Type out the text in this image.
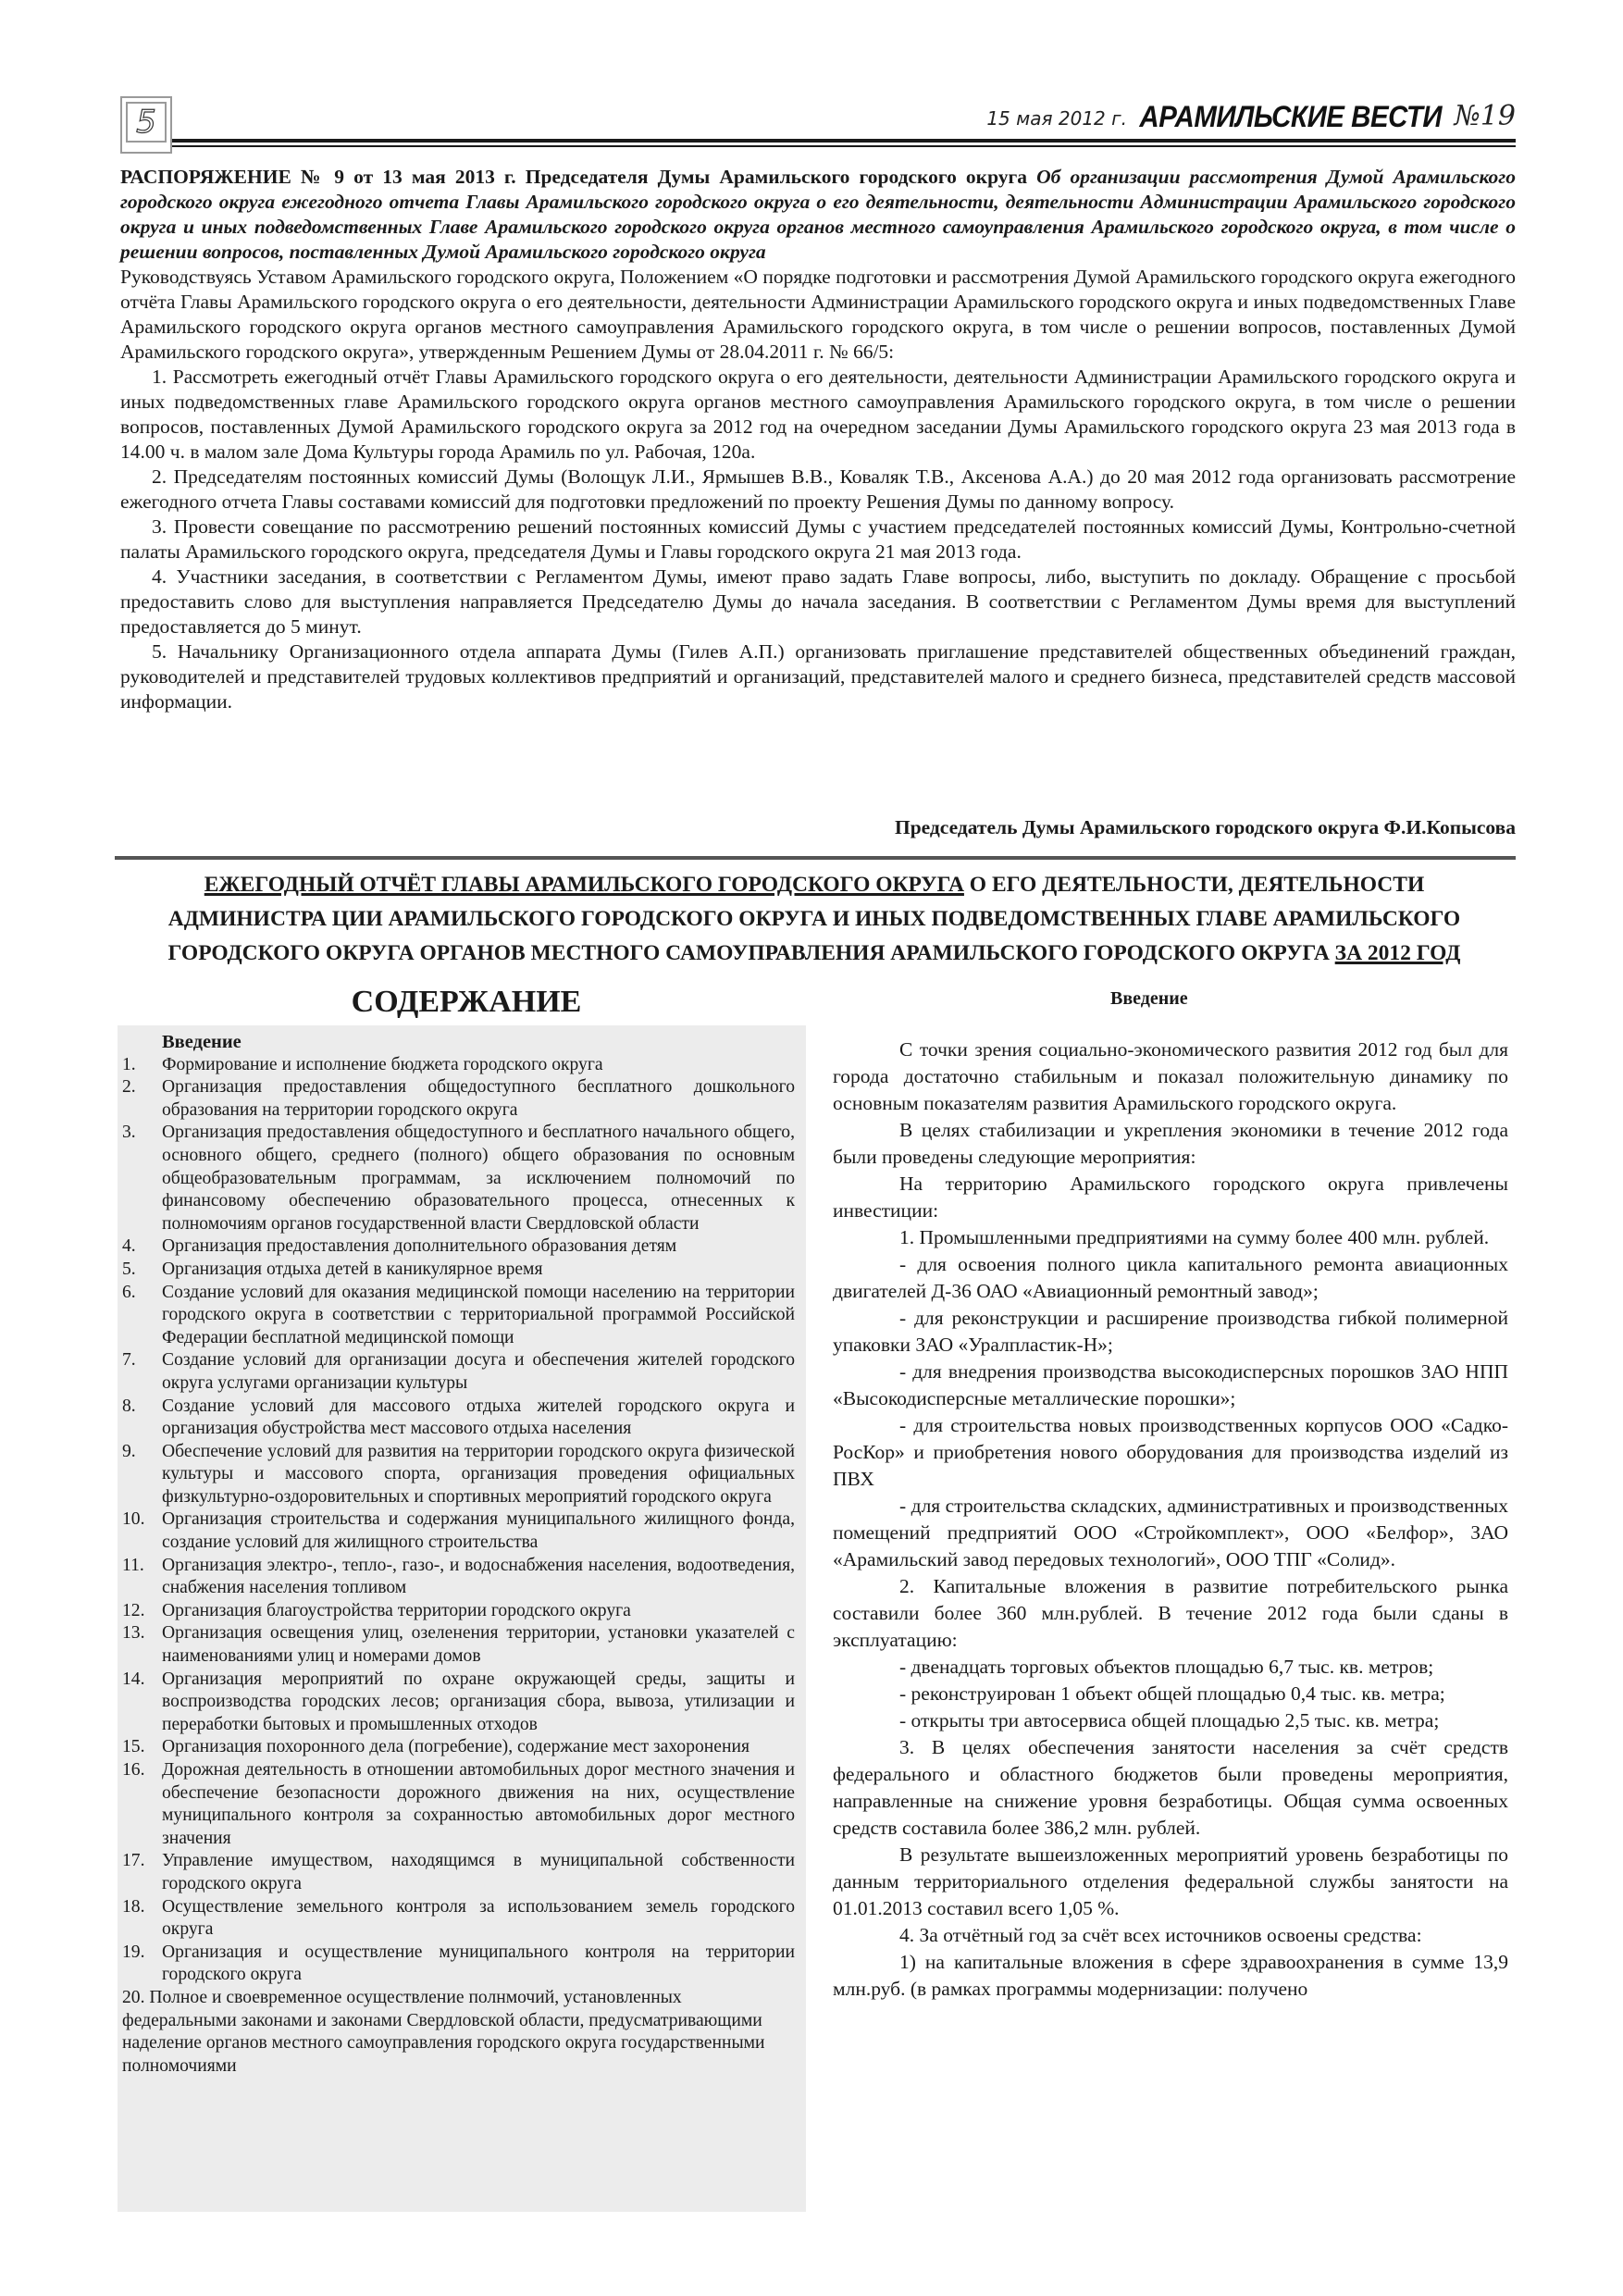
5	15 мая 2012 г. АРАМИЛЬСКИЕ ВЕСТИ №19

РАСПОРЯЖЕНИЕ № 9 от 13 мая 2013 г. Председателя Думы Арамильского городского округа Об организации рассмотрения Думой Арамильского городского округа ежегодного отчета Главы Арамильского городского округа о его деятельности, деятельности Администрации Арамильского городского округа и иных подведомственных Главе Арамильского городского округа органов местного самоуправления Арамильского городского округа, в том числе о решении вопросов, поставленных Думой Арамильского городского округа

Руководствуясь Уставом Арамильского городского округа, Положением «О порядке подготовки и рассмотрения Думой Арамильского городского округа ежегодного отчёта Главы Арамильского городского округа о его деятельности, деятельности Администрации Арамильского городского округа и иных подведомственных Главе Арамильского городского округа органов местного самоуправления Арамильского городского округа, в том числе о решении вопросов, поставленных Думой Арамильского городского округа», утвержденным Решением Думы от 28.04.2011 г. № 66/5:

1. Рассмотреть ежегодный отчёт Главы Арамильского городского округа о его деятельности, деятельности Администрации Арамильского городского округа и иных подведомственных главе Арамильского городского округа органов местного самоуправления Арамильского городского округа, в том числе о решении вопросов, поставленных Думой Арамильского городского округа за 2012 год на очередном заседании Думы Арамильского городского округа 23 мая 2013 года в 14.00 ч. в малом зале Дома Культуры города Арамиль по ул. Рабочая, 120а.

2. Председателям постоянных комиссий Думы (Волощук Л.И., Ярмышев В.В., Коваляк Т.В., Аксенова А.А.) до 20 мая 2012 года организовать рассмотрение ежегодного отчета Главы составами комиссий для подготовки предложений по проекту Решения Думы по данному вопросу.

3. Провести совещание по рассмотрению решений постоянных комиссий Думы с участием председателей постоянных комиссий Думы, Контрольно-счетной палаты Арамильского городского округа, председателя Думы и Главы городского округа 21 мая 2013 года.

4. Участники заседания, в соответствии с Регламентом Думы, имеют право задать Главе вопросы, либо, выступить по докладу. Обращение с просьбой предоставить слово для выступления направляется Председателю Думы до начала заседания. В соответствии с Регламентом Думы время для выступлений предоставляется до 5 минут.

5. Начальнику Организационного отдела аппарата Думы (Гилев А.П.) организовать приглашение представителей общественных объединений граждан, руководителей и представителей трудовых коллективов предприятий и организаций, представителей малого и среднего бизнеса, представителей средств массовой информации.

Председатель Думы Арамильского городского округа Ф.И.Копысова
ЕЖЕГОДНЫЙ ОТЧЁТ ГЛАВЫ АРАМИЛЬСКОГО ГОРОДСКОГО ОКРУГА О ЕГО ДЕЯТЕЛЬНОСТИ, ДЕЯТЕЛЬНОСТИ АДМИНИСТРА ЦИИ АРАМИЛЬСКОГО ГОРОДСКОГО ОКРУГА И ИНЫХ ПОДВЕДОМСТВЕННЫХ ГЛАВЕ АРАМИЛЬСКОГО ГОРОДСКОГО ОКРУГА ОРГАНОВ МЕСТНОГО САМОУПРАВЛЕНИЯ АРАМИЛЬСКОГО ГОРОДСКОГО ОКРУГА ЗА 2012 ГОД
СОДЕРЖАНИЕ
Введение
1.	Формирование и исполнение бюджета городского округа
2.	Организация предоставления общедоступного бесплатного дошкольного образования на территории городского округа
3.	Организация предоставления общедоступного и бесплатного начального общего, основного общего, среднего (полного) общего образования по основным общеобразовательным программам, за исключением полномочий по финансовому обеспечению образовательного процесса, отнесенных к полномочиям органов государственной власти Свердловской области
4.	Организация предоставления дополнительного образования детям
5.	Организация отдыха детей в каникулярное время
6.	Создание условий для оказания медицинской помощи населению на территории городского округа в соответствии с территориальной программой Российской Федерации бесплатной медицинской помощи
7.	Создание условий для организации досуга и обеспечения жителей городского округа услугами организации культуры
8.	Создание условий для массового отдыха жителей городского округа и организация обустройства мест массового отдыха населения
9.	Обеспечение условий для развития на территории городского округа физической культуры и массового спорта, организация проведения официальных физкультурно-оздоровительных и спортивных мероприятий городского округа
10. Организация строительства и содержания муниципального жилищного фонда, создание условий для жилищного строительства
11. Организация электро-, тепло-, газо-, и водоснабжения населения, водоотведения, снабжения населения топливом
12. Организация благоустройства территории городского округа
13. Организация освещения улиц, озеленения территории, установки указателей с наименованиями улиц и номерами домов
14. Организация мероприятий по охране окружающей среды, защиты и воспроизводства городских лесов; организация сбора, вывоза, утилизации и переработки бытовых и промышленных отходов
15. Организация похоронного дела (погребение), содержание мест захоронения
16. Дорожная деятельность в отношении автомобильных дорог местного значения и обеспечение безопасности дорожного движения на них, осуществление муниципального контроля за сохранностью автомобильных дорог местного значения
17. Управление имуществом, находящимся в муниципальной собственности городского округа
18. Осуществление земельного контроля за использованием земель городского округа
19. Организация и осуществление муниципального контроля на территории городского округа
20. Полное и своевременное осуществление полнмочий, установленных федеральными законами и законами Свердловской области, предусматривающими наделение органов местного самоуправления городского округа государственными полномочиями
Введение

С точки зрения социально-экономического развития 2012 год был для города достаточно стабильным и показал положительную динамику по основным показателям развития Арамильского городского округа.

В целях стабилизации и укрепления экономики в течение 2012 года были проведены следующие мероприятия:

На территорию Арамильского городского округа привлечены инвестиции:

1. Промышленными предприятиями на сумму более 400 млн. рублей.

- для освоения полного цикла капитального ремонта авиационных двигателей Д-36 ОАО «Авиационный ремонтный завод»;

- для реконструкции и расширение производства гибкой полимерной упаковки ЗАО «Уралпластик-Н»;

- для внедрения производства высокодисперсных порошков ЗАО НПП «Высокодисперсные металлические порошки»;

- для строительства новых производственных корпусов ООО «Садко-РосКор» и приобретения нового оборудования для производства изделий из ПВХ

- для строительства складских, административных и производственных помещений предприятий ООО «Стройкомплект», ООО «Белфор», ЗАО «Арамильский завод передовых технологий», ООО ТПГ «Солид».

2. Капитальные вложения в развитие потребительского рынка составили более 360 млн.рублей. В течение 2012 года были сданы в эксплуатацию:

- двенадцать торговых объектов площадью 6,7 тыс. кв. метров;

- реконструирован 1 объект общей площадью 0,4 тыс. кв. метра;

- открыты три автосервиса общей площадью 2,5 тыс. кв. метра;

3. В целях обеспечения занятости населения за счёт средств федерального и областного бюджетов были проведены мероприятия, направленные на снижение уровня безработицы. Общая сумма освоенных средств составила более 386,2 млн. рублей.

В результате вышеизложенных мероприятий уровень безработицы по данным территориального отделения федеральной службы занятости на 01.01.2013 составил всего 1,05 %.

4. За отчётный год за счёт всех источников освоены средства:

1) на капитальные вложения в сфере здравоохранения в сумме 13,9 млн.руб. (в рамках программы модернизации: получено
